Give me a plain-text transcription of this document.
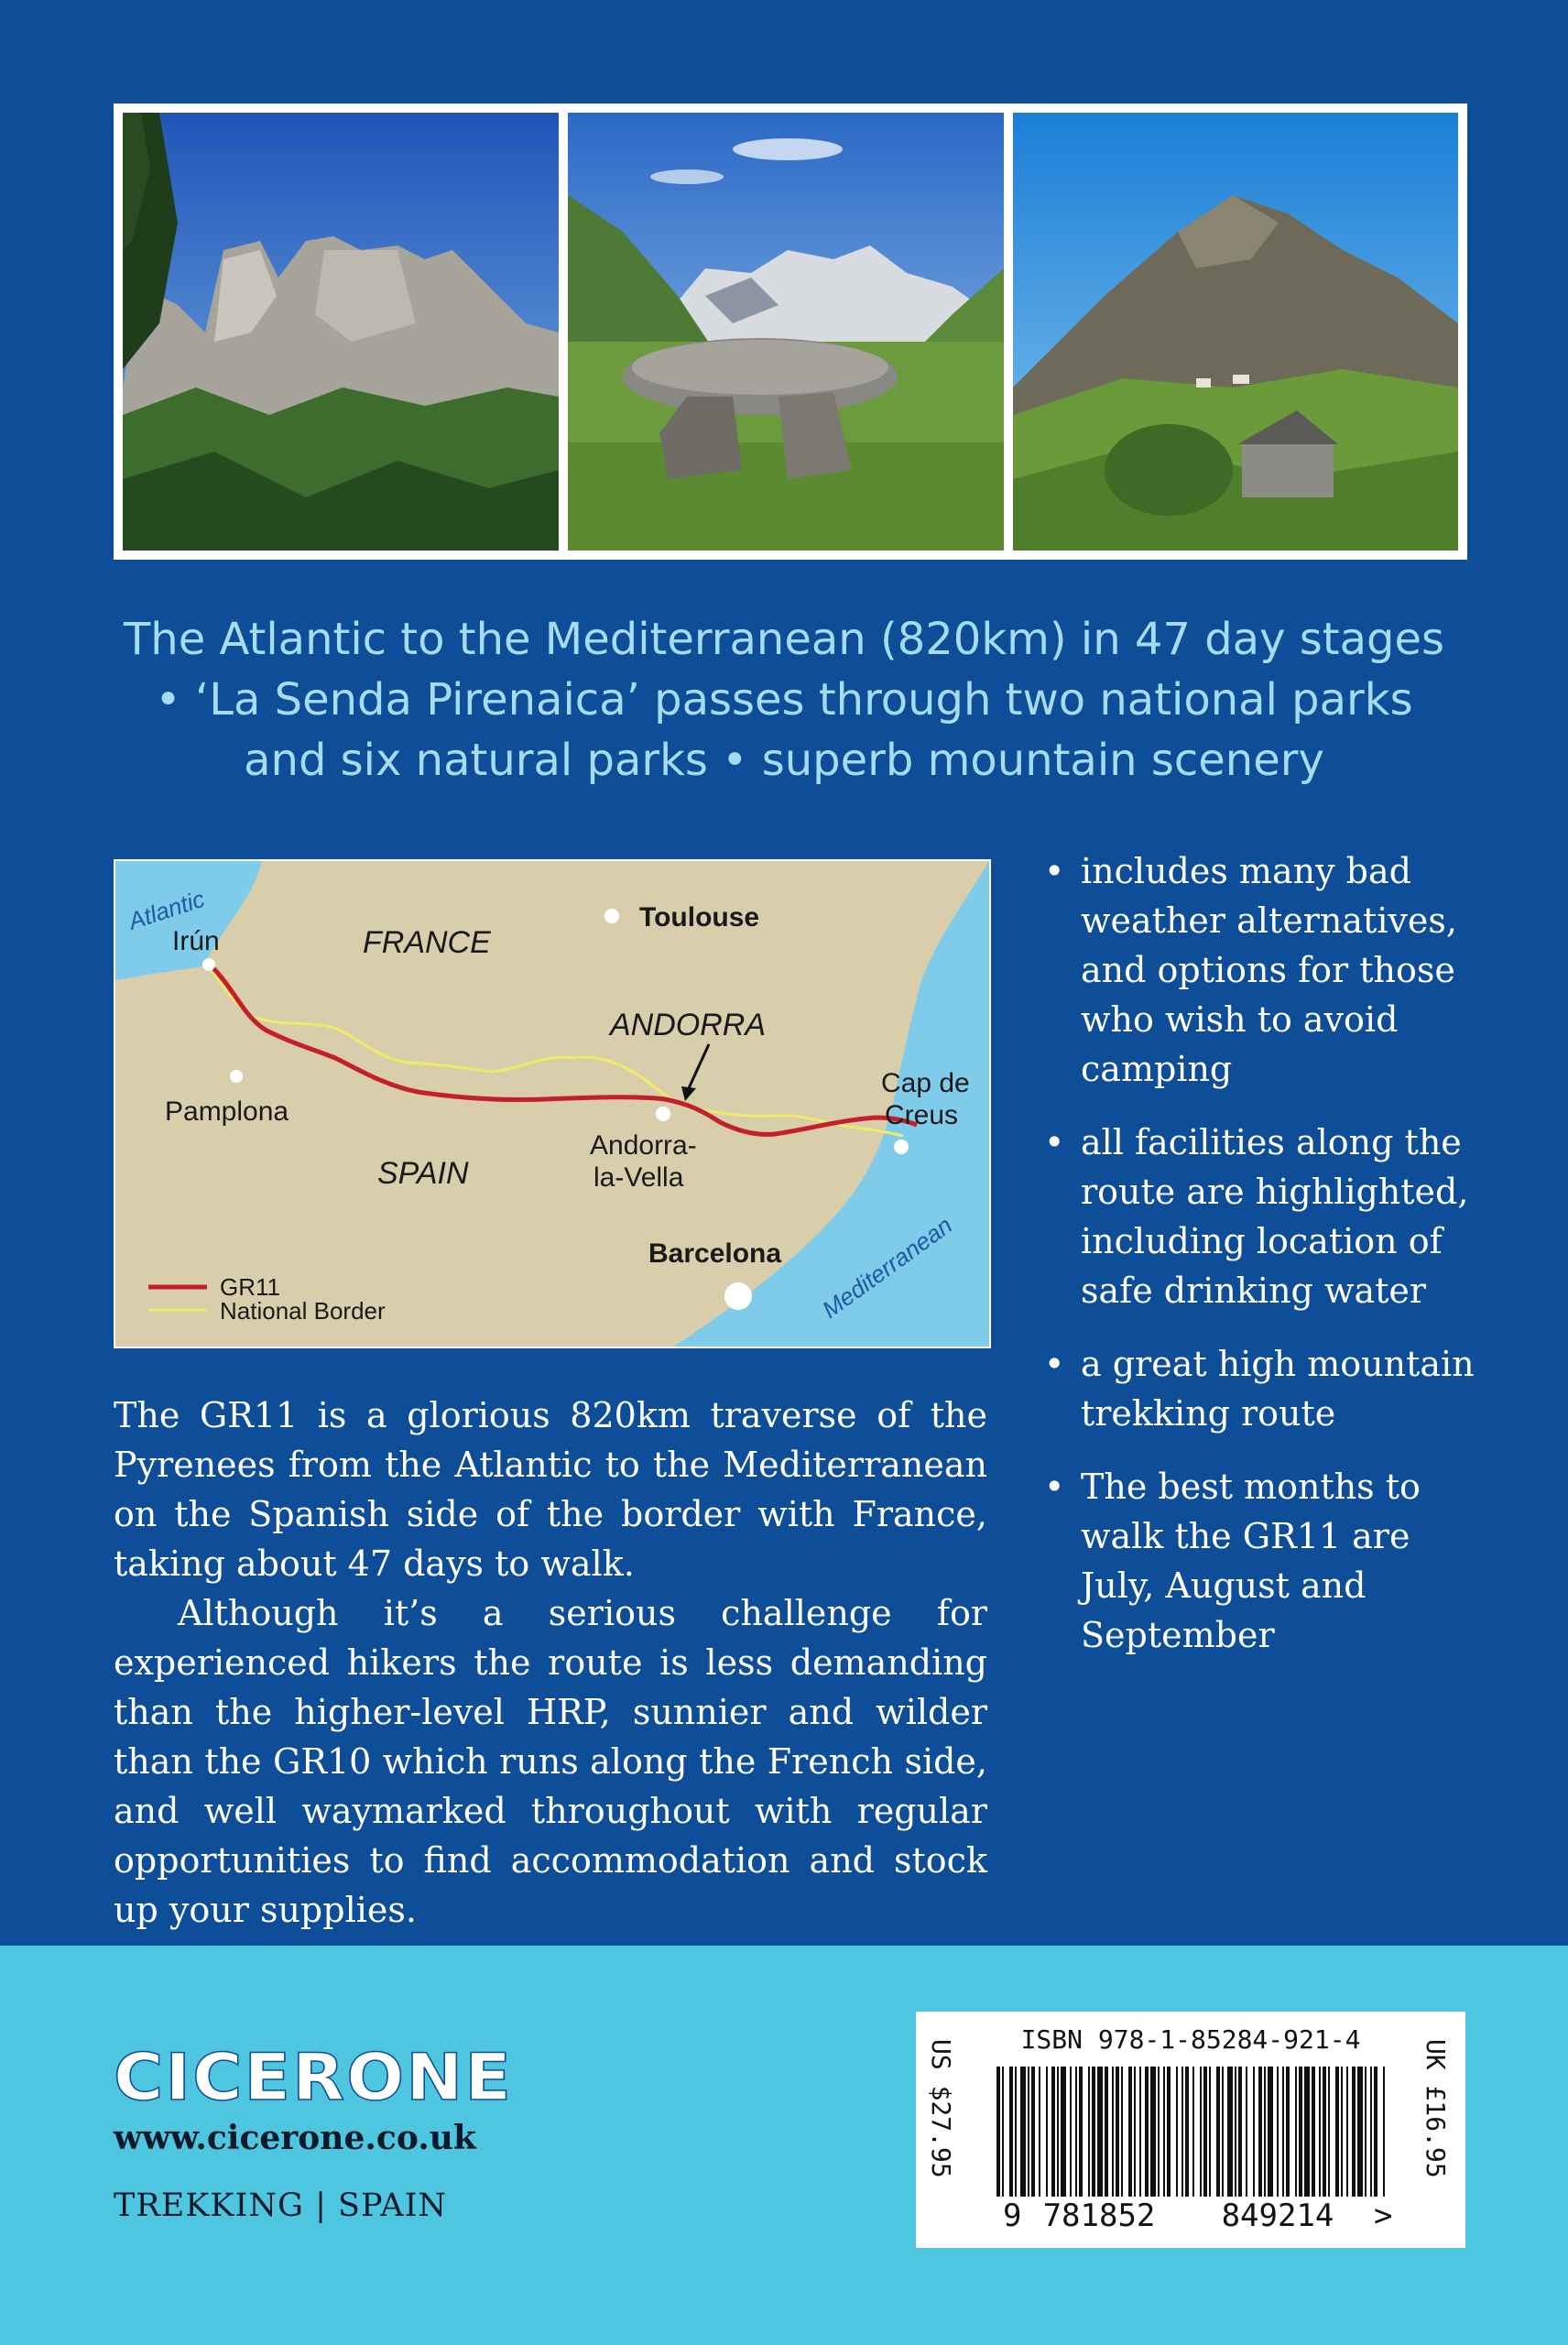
The Atlantic to the Mediterranean (820km) in 47 day stages
• ‘La Senda Pirenaica’ passes through two national parks
and six natural parks • superb mountain scenery
Atlantic
Irún	FRANCE
Toulouse
ANDORRA
Pamplona
Andorra-
la-Vella
SPAIN
Cap de
Creus
Barcelona Mediterranean
GR11
National Border
• includes many bad weather alternatives, and options for those who wish to avoid camping
• all facilities along the route are highlighted, including location of safe drinking water
• a great high mountain trekking route
• The best months to walk the GR11 are July, August and September

The GR11 is a glorious 820km traverse of the Pyrenees from the Atlantic to the Mediterranean on the Spanish side of the border with France, taking about 47 days to walk.

Although it’s a serious challenge for experienced hikers the route is less demanding than the higher-level HRP, sunnier and wilder than the GR10 which runs along the French side, and well waymarked throughout with regular opportunities to find accommodation and stock up your supplies.

CICERONE
www.cicerone.co.uk
TREKKING | SPAIN
ISBN 978-1-85284-921-4
9 781852 849214 >
US $27.95	UK £16.95
